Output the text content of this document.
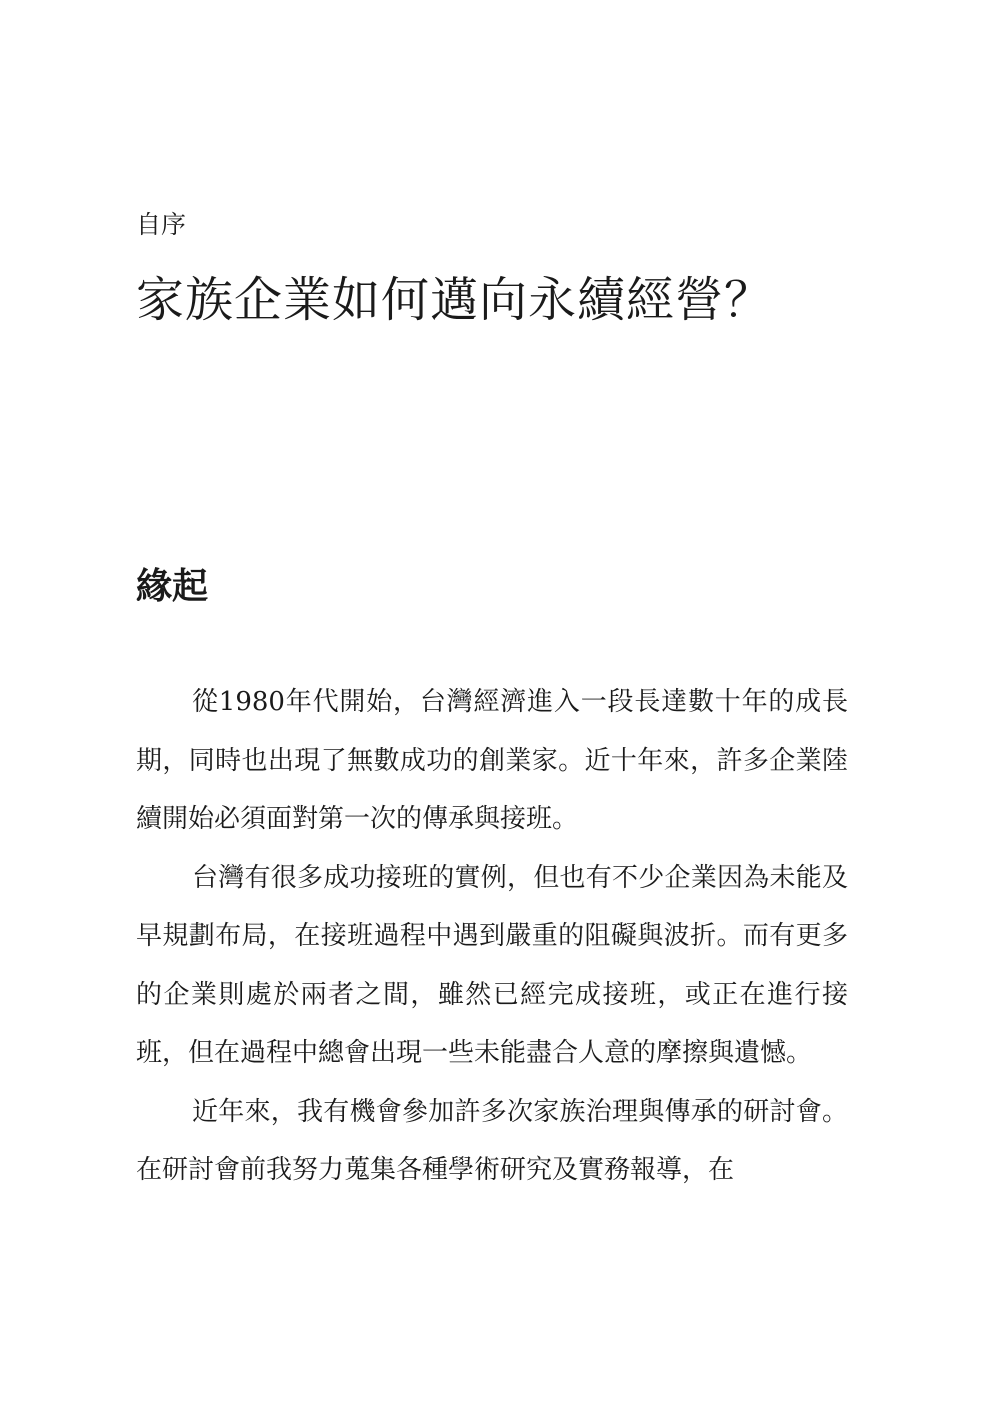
自序
家族企業如何邁向永續經營？
緣起

從1980年代開始，台灣經濟進入一段長達數十年的成長期，同時也出現了無數成功的創業家。近十年來，許多企業陸續開始必須面對第一次的傳承與接班。

台灣有很多成功接班的實例，但也有不少企業因為未能及早規劃布局，在接班過程中遇到嚴重的阻礙與波折。而有更多的企業則處於兩者之間，雖然已經完成接班，或正在進行接班，但在過程中總會出現一些未能盡合人意的摩擦與遺憾。

近年來，我有機會參加許多次家族治理與傳承的研討會。在研討會前我努力蒐集各種學術研究及實務報導，在
